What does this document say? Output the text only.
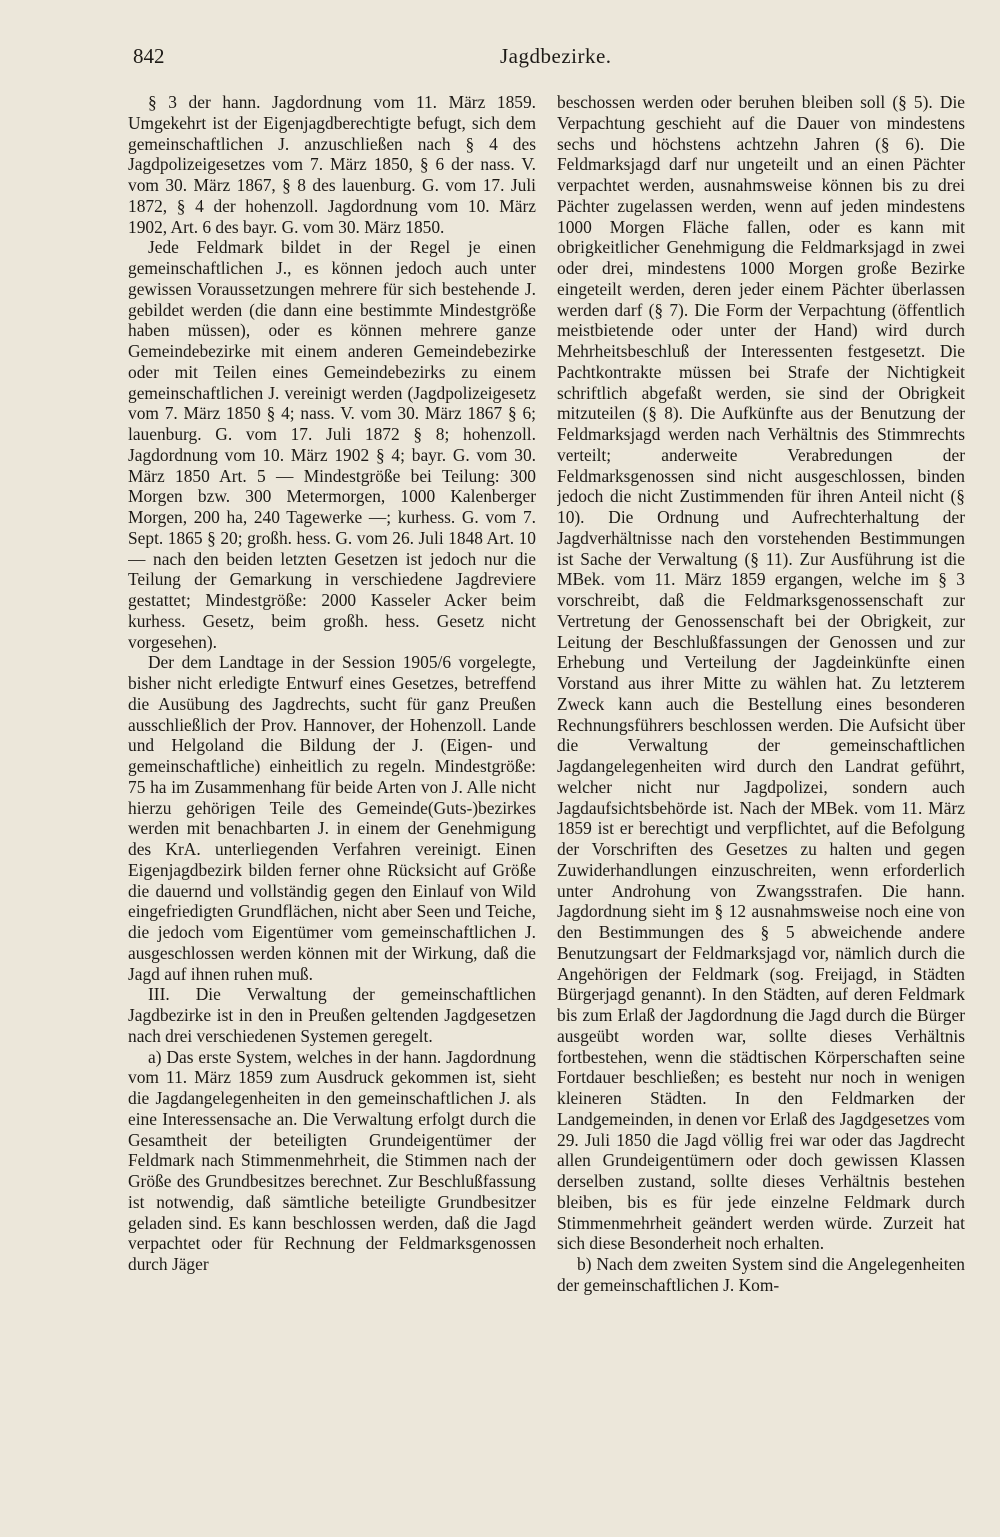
842	Jagdbezirke.

§ 3 der hann. Jagdordnung vom 11. März 1859. Umgekehrt ist der Eigenjagdberechtigte befugt, sich dem gemeinschaftlichen J. anzuschließen nach § 4 des Jagdpolizeigesetzes vom 7. März 1850, § 6 der nass. V. vom 30. März 1867, § 8 des lauenburg. G. vom 17. Juli 1872, § 4 der hohenzoll. Jagdordnung vom 10. März 1902, Art. 6 des bayr. G. vom 30. März 1850.

Jede Feldmark bildet in der Regel je einen gemeinschaftlichen J., es können jedoch auch unter gewissen Voraussetzungen mehrere für sich bestehende J. gebildet werden (die dann eine bestimmte Mindestgröße haben müssen), oder es können mehrere ganze Gemeindebezirke mit einem anderen Gemeindebezirke oder mit Teilen eines Gemeindebezirks zu einem gemeinschaftlichen J. vereinigt werden (Jagdpolizeigesetz vom 7. März 1850 § 4; nass. V. vom 30. März 1867 § 6; lauenburg. G. vom 17. Juli 1872 § 8; hohenzoll. Jagdordnung vom 10. März 1902 § 4; bayr. G. vom 30. März 1850 Art. 5 — Mindestgröße bei Teilung: 300 Morgen bzw. 300 Metermorgen, 1000 Kalenberger Morgen, 200 ha, 240 Tagewerke —; kurhess. G. vom 7. Sept. 1865 § 20; großh. hess. G. vom 26. Juli 1848 Art. 10 — nach den beiden letzten Gesetzen ist jedoch nur die Teilung der Gemarkung in verschiedene Jagdreviere gestattet; Mindestgröße: 2000 Kasseler Acker beim kurhess. Gesetz, beim großh. hess. Gesetz nicht vorgesehen).

Der dem Landtage in der Session 1905/6 vorgelegte, bisher nicht erledigte Entwurf eines Gesetzes, betreffend die Ausübung des Jagdrechts, sucht für ganz Preußen ausschließlich der Prov. Hannover, der Hohenzoll. Lande und Helgoland die Bildung der J. (Eigen- und gemeinschaftliche) einheitlich zu regeln. Mindestgröße: 75 ha im Zusammenhang für beide Arten von J. Alle nicht hierzu gehörigen Teile des Gemeinde(Guts-)bezirkes werden mit benachbarten J. in einem der Genehmigung des KrA. unterliegenden Verfahren vereinigt. Einen Eigenjagdbezirk bilden ferner ohne Rücksicht auf Größe die dauernd und vollständig gegen den Einlauf von Wild eingefriedigten Grundflächen, nicht aber Seen und Teiche, die jedoch vom Eigentümer vom gemeinschaftlichen J. ausgeschlossen werden können mit der Wirkung, daß die Jagd auf ihnen ruhen muß.

III. Die Verwaltung der gemeinschaftlichen Jagdbezirke ist in den in Preußen geltenden Jagdgesetzen nach drei verschiedenen Systemen geregelt.

a) Das erste System, welches in der hann. Jagdordnung vom 11. März 1859 zum Ausdruck gekommen ist, sieht die Jagdangelegenheiten in den gemeinschaftlichen J. als eine Interessensache an. Die Verwaltung erfolgt durch die Gesamtheit der beteiligten Grundeigentümer der Feldmark nach Stimmenmehrheit, die Stimmen nach der Größe des Grundbesitzes berechnet. Zur Beschlußfassung ist notwendig, daß sämtliche beteiligte Grundbesitzer geladen sind. Es kann beschlossen werden, daß die Jagd verpachtet oder für Rechnung der Feldmarksgenossen durch Jäger

beschossen werden oder beruhen bleiben soll (§ 5). Die Verpachtung geschieht auf die Dauer von mindestens sechs und höchstens achtzehn Jahren (§ 6). Die Feldmarksjagd darf nur ungeteilt und an einen Pächter verpachtet werden, ausnahmsweise können bis zu drei Pächter zugelassen werden, wenn auf jeden mindestens 1000 Morgen Fläche fallen, oder es kann mit obrigkeitlicher Genehmigung die Feldmarksjagd in zwei oder drei, mindestens 1000 Morgen große Bezirke eingeteilt werden, deren jeder einem Pächter überlassen werden darf (§ 7). Die Form der Verpachtung (öffentlich meistbietende oder unter der Hand) wird durch Mehrheitsbeschluß der Interessenten festgesetzt. Die Pachtkontrakte müssen bei Strafe der Nichtigkeit schriftlich abgefaßt werden, sie sind der Obrigkeit mitzuteilen (§ 8). Die Aufkünfte aus der Benutzung der Feldmarksjagd werden nach Verhältnis des Stimmrechts verteilt; anderweite Verabredungen der Feldmarksgenossen sind nicht ausgeschlossen, binden jedoch die nicht Zustimmenden für ihren Anteil nicht (§ 10). Die Ordnung und Aufrechterhaltung der Jagdverhältnisse nach den vorstehenden Bestimmungen ist Sache der Verwaltung (§ 11). Zur Ausführung ist die MBek. vom 11. März 1859 ergangen, welche im § 3 vorschreibt, daß die Feldmarksgenossenschaft zur Vertretung der Genossenschaft bei der Obrigkeit, zur Leitung der Beschlußfassungen der Genossen und zur Erhebung und Verteilung der Jagdeinkünfte einen Vorstand aus ihrer Mitte zu wählen hat. Zu letzterem Zweck kann auch die Bestellung eines besonderen Rechnungsführers beschlossen werden. Die Aufsicht über die Verwaltung der gemeinschaftlichen Jagdangelegenheiten wird durch den Landrat geführt, welcher nicht nur Jagdpolizei, sondern auch Jagdaufsichtsbehörde ist. Nach der MBek. vom 11. März 1859 ist er berechtigt und verpflichtet, auf die Befolgung der Vorschriften des Gesetzes zu halten und gegen Zuwiderhandlungen einzuschreiten, wenn erforderlich unter Androhung von Zwangsstrafen. Die hann. Jagdordnung sieht im § 12 ausnahmsweise noch eine von den Bestimmungen des § 5 abweichende andere Benutzungsart der Feldmarksjagd vor, nämlich durch die Angehörigen der Feldmark (sog. Freijagd, in Städten Bürgerjagd genannt). In den Städten, auf deren Feldmark bis zum Erlaß der Jagdordnung die Jagd durch die Bürger ausgeübt worden war, sollte dieses Verhältnis fortbestehen, wenn die städtischen Körperschaften seine Fortdauer beschließen; es besteht nur noch in wenigen kleineren Städten. In den Feldmarken der Landgemeinden, in denen vor Erlaß des Jagdgesetzes vom 29. Juli 1850 die Jagd völlig frei war oder das Jagdrecht allen Grundeigentümern oder doch gewissen Klassen derselben zustand, sollte dieses Verhältnis bestehen bleiben, bis es für jede einzelne Feldmark durch Stimmenmehrheit geändert werden würde. Zurzeit hat sich diese Besonderheit noch erhalten.

b) Nach dem zweiten System sind die Angelegenheiten der gemeinschaftlichen J. Kom-
